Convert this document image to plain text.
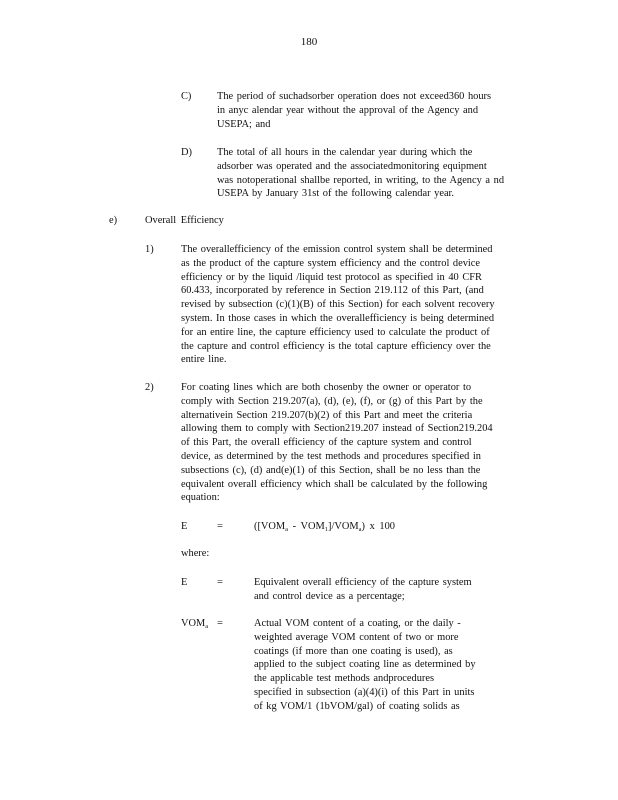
180
C) The period of suchadsorber operation does not exceed360 hours
in anyc alendar year without the approval of the Agency and
USEPA; and
D) The total of all hours in the calendar year during which the
adsorber was operated and the associatedmonitoring equipment
was notoperational shallbe reported, in writing, to the Agency a nd
USEPA by January 31st of the following calendar year.
e)	Overall Efficiency
1)	The overallefficiency of the emission control system shall be determined
as the product of the capture system efficiency and the control device
efficiency or by the liquid /liquid test protocol as specified in 40 CFR
60.433, incorporated by reference in Section 219.112 of this Part, (and
revised by subsection (c)(1)(B) of this Section) for each solvent recovery
system. In those cases in which the overallefficiency is being determined
for an entire line, the capture efficiency used to calculate the product of
the capture and control efficiency is the total capture efficiency over the
entire line.
2)	For coating lines which are both chosenby the owner or operator to
comply with Section 219.207(a), (d), (e), (f), or (g) of this Part by the
alternativein Section 219.207(b)(2) of this Part and meet the criteria
allowing them to comply with Section219.207 instead of Section219.204
of this Part, the overall efficiency of the capture system and control
device, as determined by the test methods and procedures specified in
subsections (c), (d) and(e)(1) of this Section, shall be no less than the
equivalent overall efficiency which shall be calculated by the following
equation:
E	=	$([VOM_a - VOM_1]/VOM_a)$ x 100
where:
E	=	Equivalent overall efficiency of the capture system
and control device as a percentage;
$VOM_a$ =	Actual VOM content of a coating, or the daily -
weighted average VOM content of two or more
coatings (if more than one coating is used), as
applied to the subject coating line as determined by
the applicable test methods andprocedures
specified in subsection (a)(4)(i) of this Part in units
of kg VOM/1 (1bVOM/gal) of coating solids as
